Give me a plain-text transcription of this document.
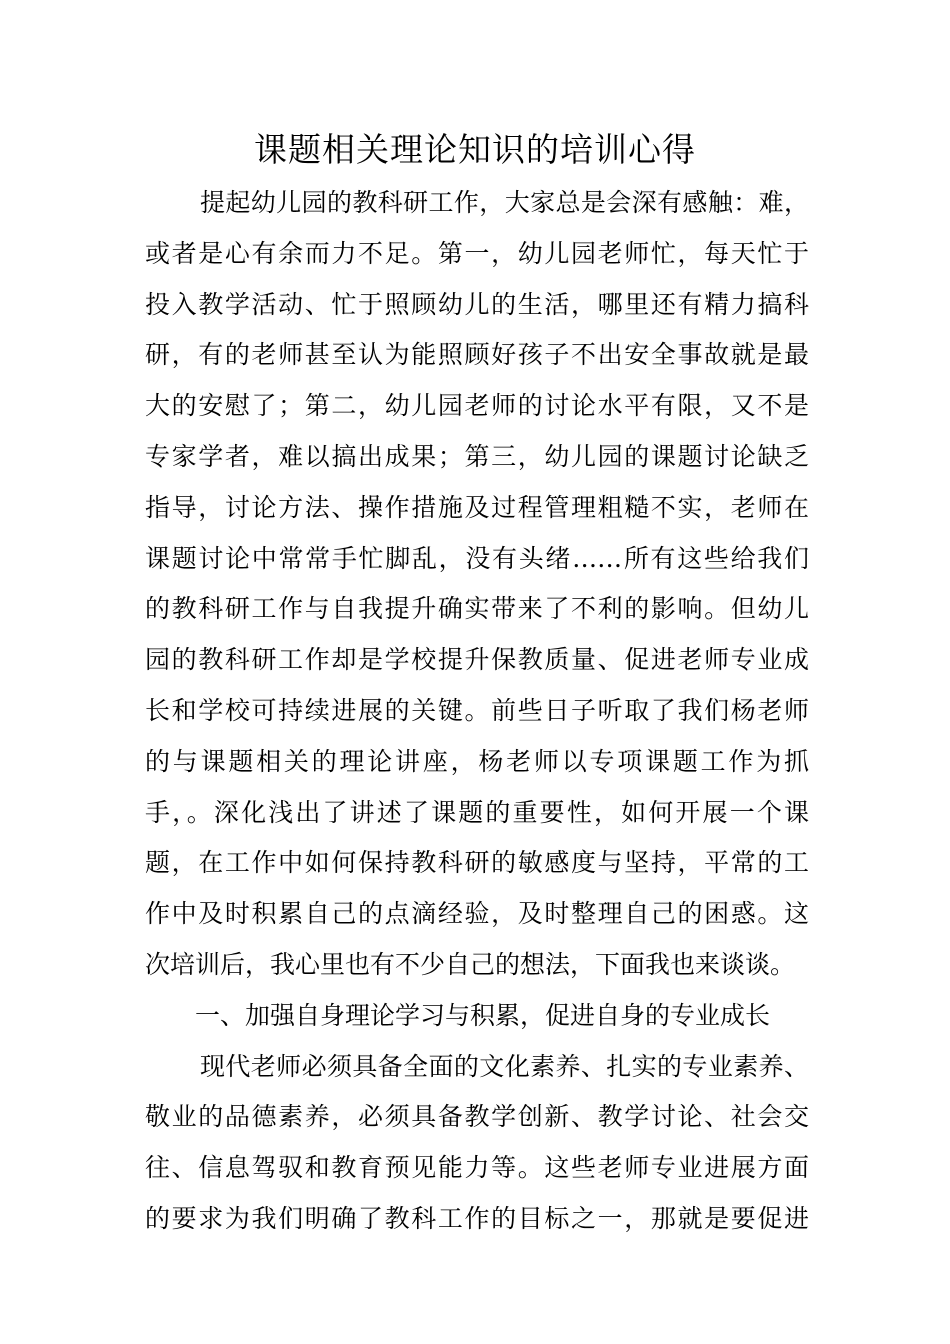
课题相关理论知识的培训心得
提起幼儿园的教科研工作，大家总是会深有感触：难，
或者是心有余而力不足。第一，幼儿园老师忙，每天忙于
投入教学活动、忙于照顾幼儿的生活，哪里还有精力搞科
研，有的老师甚至认为能照顾好孩子不出安全事故就是最
大的安慰了；第二，幼儿园老师的讨论水平有限，又不是
专家学者，难以搞出成果；第三，幼儿园的课题讨论缺乏
指导，讨论方法、操作措施及过程管理粗糙不实，老师在
课题讨论中常常手忙脚乱，没有头绪……所有这些给我们
的教科研工作与自我提升确实带来了不利的影响。但幼儿
园的教科研工作却是学校提升保教质量、促进老师专业成
长和学校可持续进展的关键。前些日子听取了我们杨老师
的与课题相关的理论讲座，杨老师以专项课题工作为抓
手，。深化浅出了讲述了课题的重要性，如何开展一个课
题，在工作中如何保持教科研的敏感度与坚持，平常的工
作中及时积累自己的点滴经验，及时整理自己的困惑。这
次培训后，我心里也有不少自己的想法，下面我也来谈谈。
一、加强自身理论学习与积累，促进自身的专业成长
现代老师必须具备全面的文化素养、扎实的专业素养、
敬业的品德素养，必须具备教学创新、教学讨论、社会交
往、信息驾驭和教育预见能力等。这些老师专业进展方面
的要求为我们明确了教科工作的目标之一，那就是要促进
